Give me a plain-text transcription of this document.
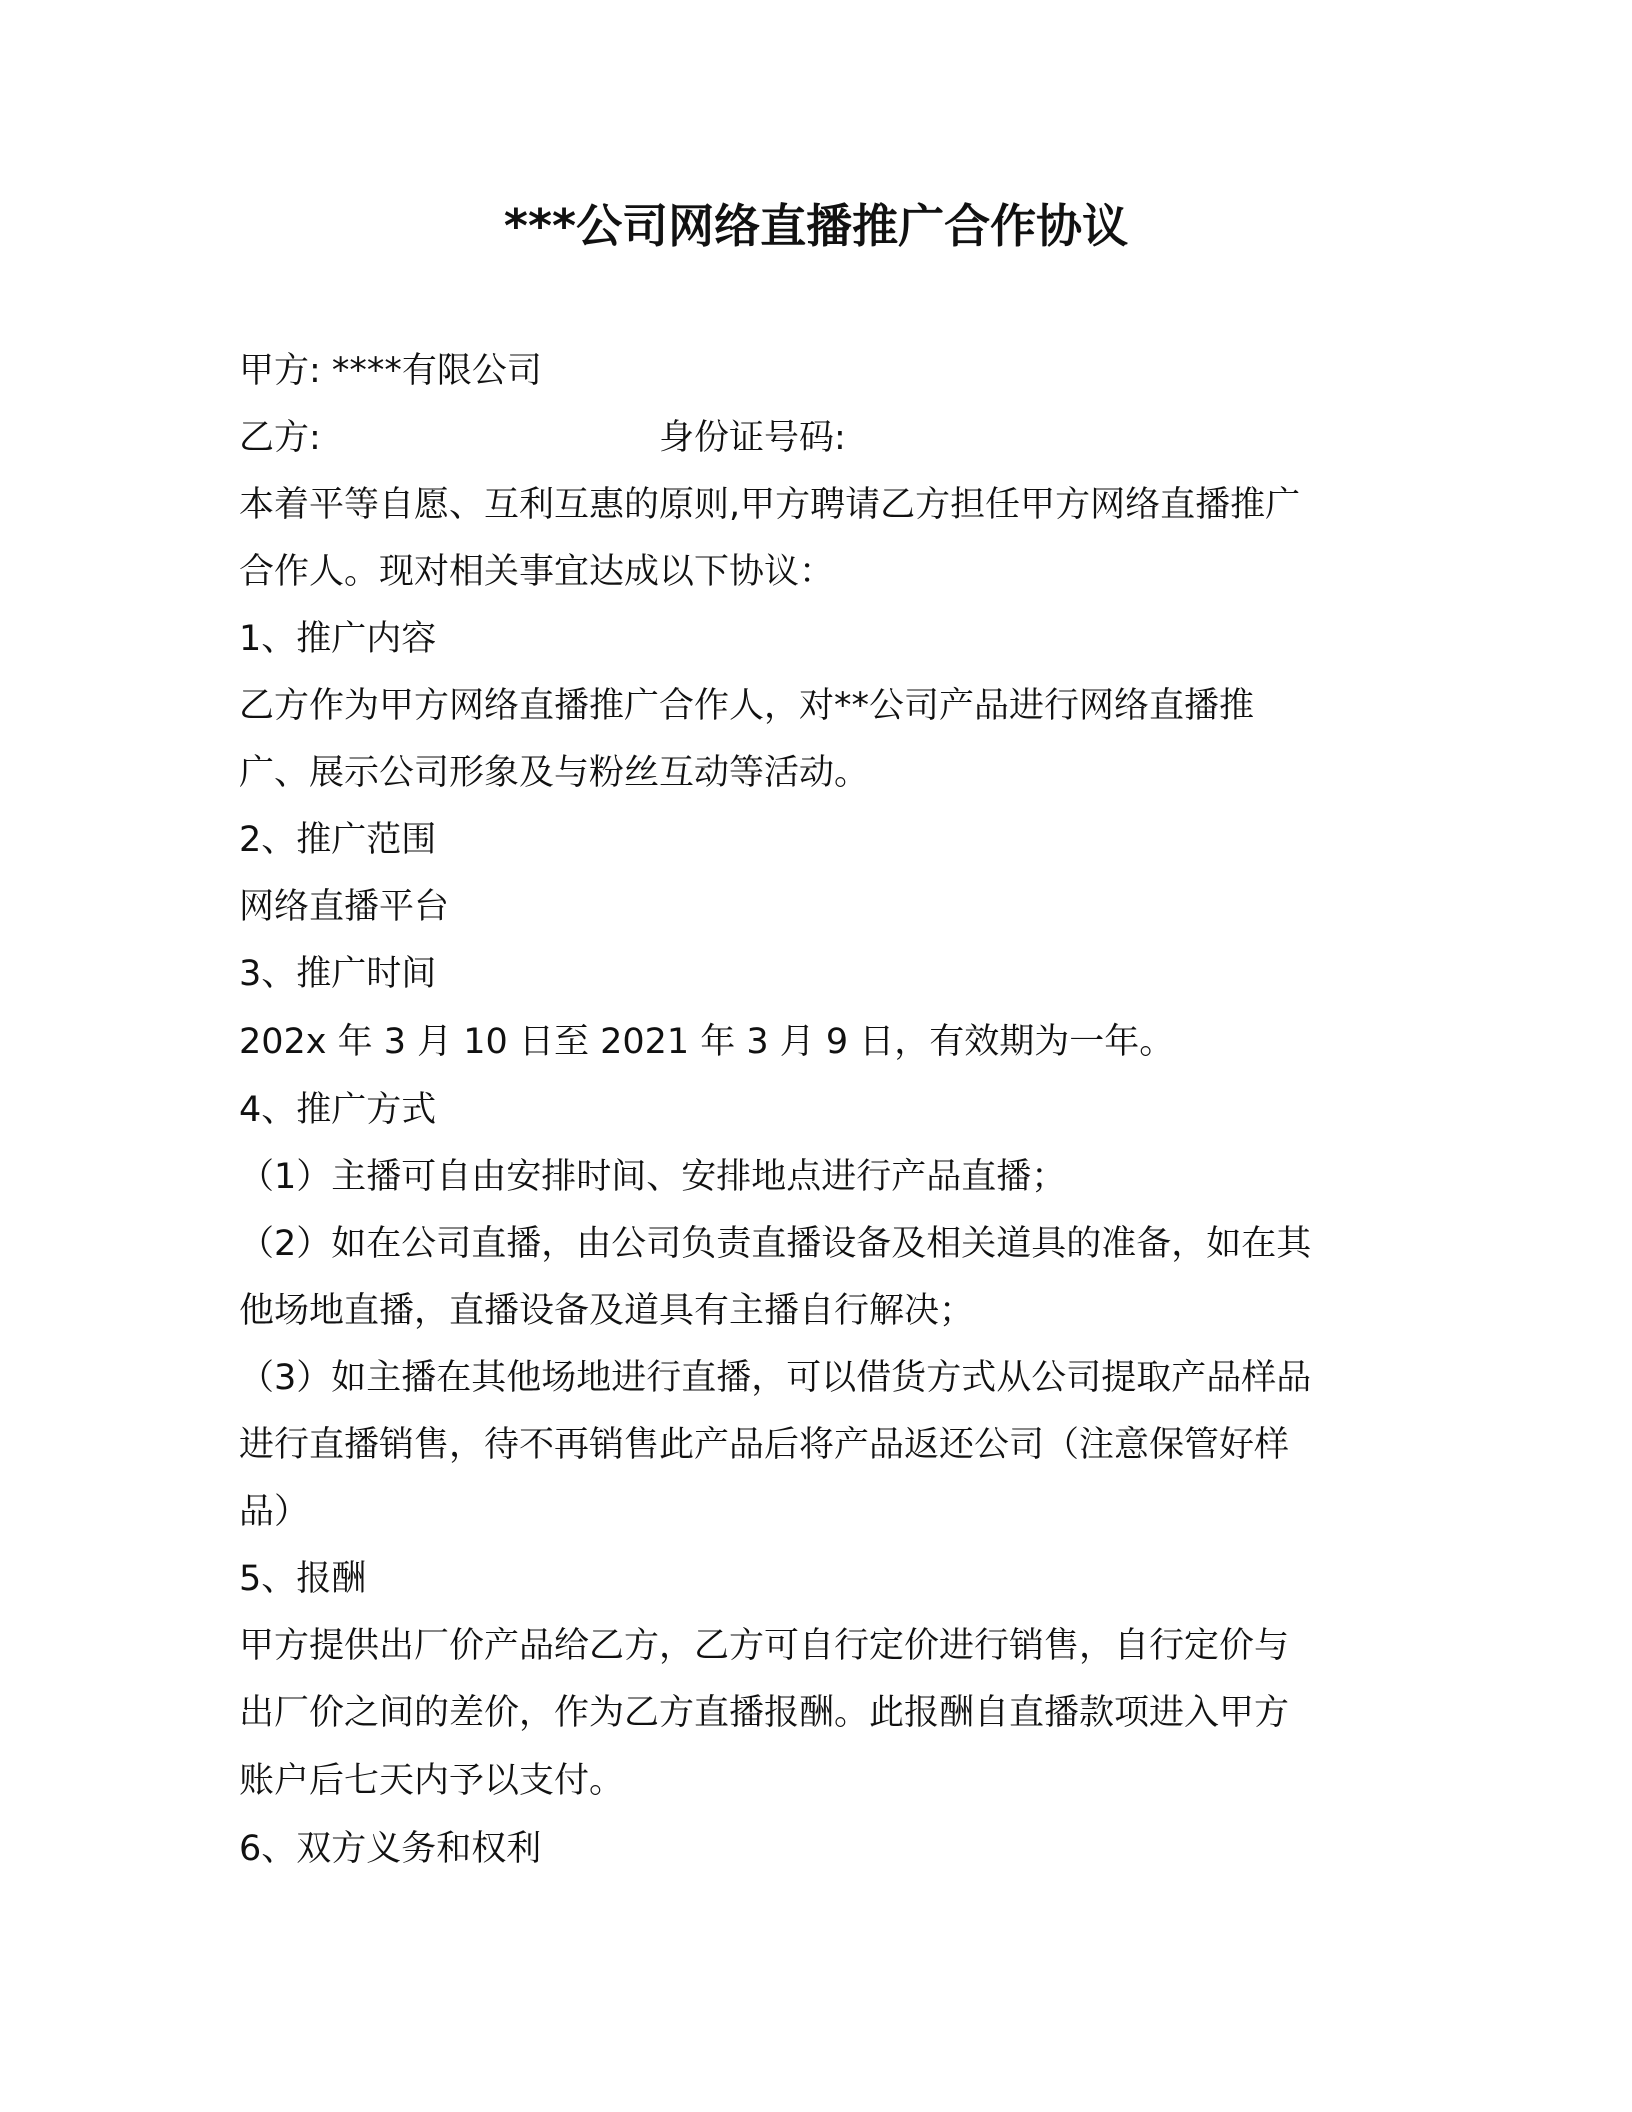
***公司网络直播推广合作协议
甲方: ****有限公司
乙方:	身份证号码:
本着平等自愿、互利互惠的原则,甲方聘请乙方担任甲方网络直播推广
合作人。现对相关事宜达成以下协议：
1、推广内容
乙方作为甲方网络直播推广合作人，对**公司产品进行网络直播推
广、展示公司形象及与粉丝互动等活动。
2、推广范围
网络直播平台
3、推广时间
202x 年 3 月 10 日至 2021 年 3 月 9 日，有效期为一年。
4、推广方式
（1）主播可自由安排时间、安排地点进行产品直播；
（2）如在公司直播，由公司负责直播设备及相关道具的准备，如在其
他场地直播，直播设备及道具有主播自行解决；
（3）如主播在其他场地进行直播，可以借货方式从公司提取产品样品
进行直播销售，待不再销售此产品后将产品返还公司（注意保管好样
品）
5、报酬
甲方提供出厂价产品给乙方，乙方可自行定价进行销售，自行定价与
出厂价之间的差价，作为乙方直播报酬。此报酬自直播款项进入甲方
账户后七天内予以支付。
6、双方义务和权利
